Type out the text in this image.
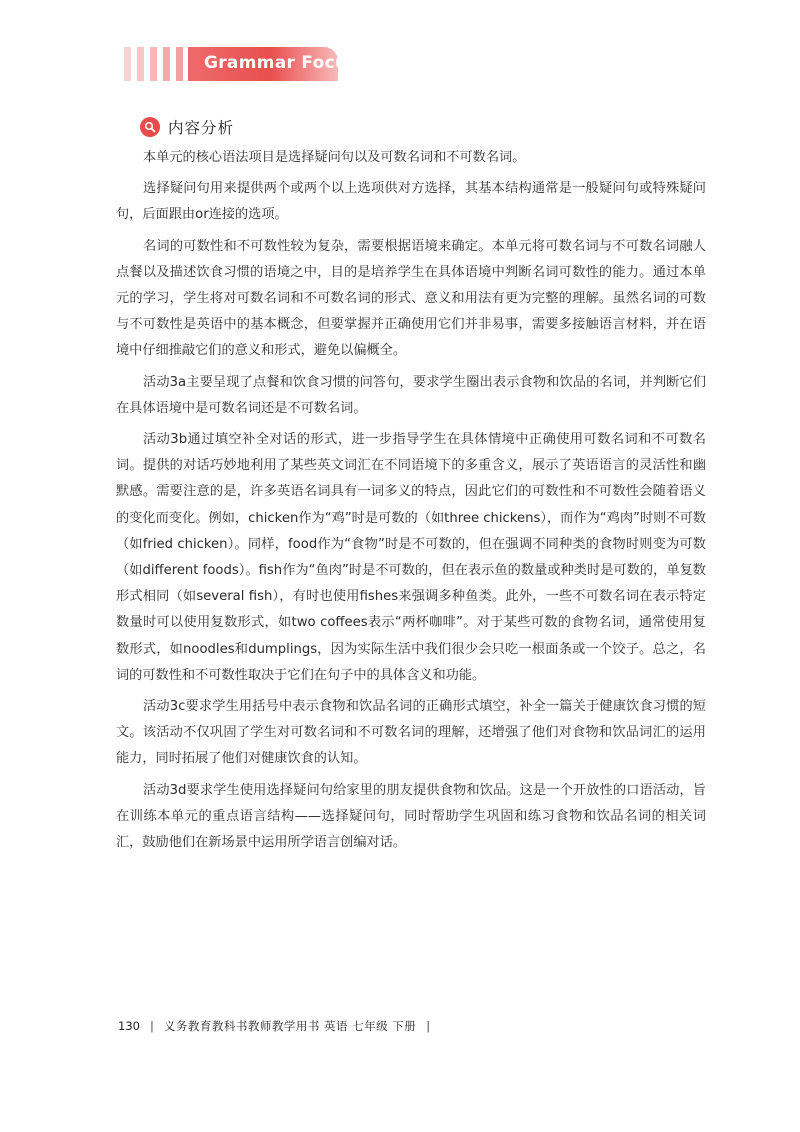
Grammar Focus
内容分析

本单元的核心语法项目是选择疑问句以及可数名词和不可数名词。

选择疑问句用来提供两个或两个以上选项供对方选择，其基本结构通常是一般疑问句或特殊疑问句，后面跟由or连接的选项。

名词的可数性和不可数性较为复杂，需要根据语境来确定。本单元将可数名词与不可数名词融人点餐以及描述饮食习惯的语境之中，目的是培养学生在具体语境中判断名词可数性的能力。通过本单元的学习，学生将对可数名词和不可数名词的形式、意义和用法有更为完整的理解。虽然名词的可数与不可数性是英语中的基本概念，但要掌握并正确使用它们并非易事，需要多接触语言材料，并在语境中仔细推敲它们的意义和形式，避免以偏概全。

活动3a主要呈现了点餐和饮食习惯的问答句，要求学生圈出表示食物和饮品的名词，并判断它们在具体语境中是可数名词还是不可数名词。

活动3b通过填空补全对话的形式，进一步指导学生在具体情境中正确使用可数名词和不可数名词。提供的对话巧妙地利用了某些英文词汇在不同语境下的多重含义，展示了英语语言的灵活性和幽默感。需要注意的是，许多英语名词具有一词多义的特点，因此它们的可数性和不可数性会随着语义的变化而变化。例如，chicken作为“鸡”时是可数的（如three chickens），而作为“鸡肉”时则不可数（如fried chicken）。同样，food作为“食物”时是不可数的，但在强调不同种类的食物时则变为可数（如different foods）。fish作为“鱼肉”时是不可数的，但在表示鱼的数量或种类时是可数的，单复数形式相同（如several fish），有时也使用fishes来强调多种鱼类。此外，一些不可数名词在表示特定数量时可以使用复数形式，如two coffees表示“两杯咖啡”。对于某些可数的食物名词，通常使用复数形式，如noodles和dumplings，因为实际生活中我们很少会只吃一根面条或一个饺子。总之，名词的可数性和不可数性取决于它们在句子中的具体含义和功能。

活动3c要求学生用括号中表示食物和饮品名词的正确形式填空，补全一篇关于健康饮食习惯的短文。该活动不仅巩固了学生对可数名词和不可数名词的理解，还增强了他们对食物和饮品词汇的运用能力，同时拓展了他们对健康饮食的认知。

活动3d要求学生使用选择疑问句给家里的朋友提供食物和饮品。这是一个开放性的口语活动，旨在训练本单元的重点语言结构——选择疑问句，同时帮助学生巩固和练习食物和饮品名词的相关词汇，鼓励他们在新场景中运用所学语言创编对话。

130 | 义务教育教科书教师教学用书 英语 七年级 下册 |
